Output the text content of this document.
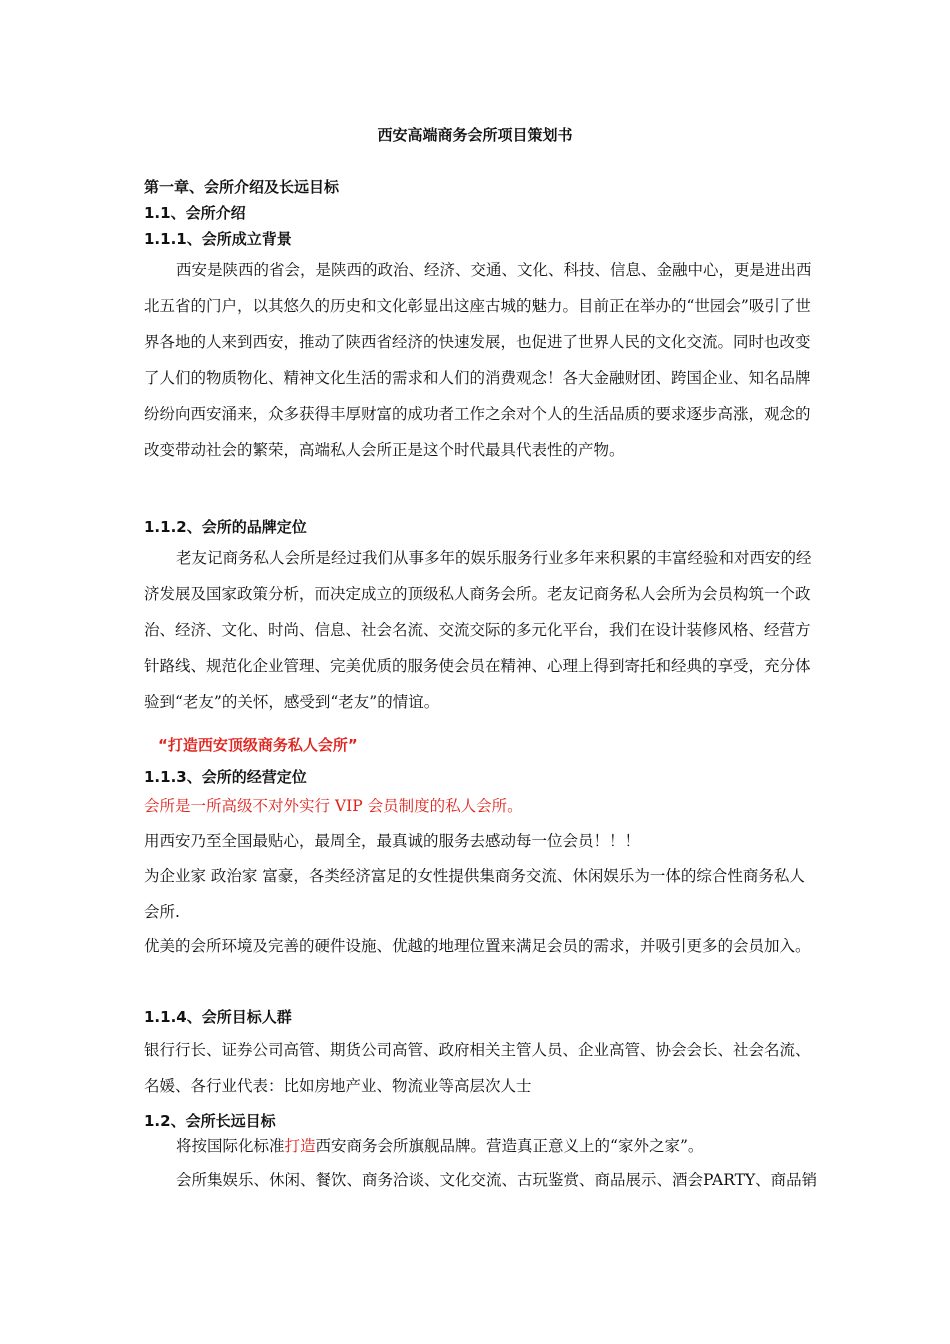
西安高端商务会所项目策划书
第一章、会所介绍及长远目标
1.1、会所介绍
1.1.1、会所成立背景
西安是陕西的省会，是陕西的政治、经济、交通、文化、科技、信息、金融中心，更是进出西北五省的门户，以其悠久的历史和文化彰显出这座古城的魅力。目前正在举办的“世园会”吸引了世界各地的人来到西安，推动了陕西省经济的快速发展，也促进了世界人民的文化交流。同时也改变了人们的物质物化、精神文化生活的需求和人们的消费观念！各大金融财团、跨国企业、知名品牌纷纷向西安涌来，众多获得丰厚财富的成功者工作之余对个人的生活品质的要求逐步高涨，观念的改变带动社会的繁荣，高端私人会所正是这个时代最具代表性的产物。
1.1.2、会所的品牌定位
老友记商务私人会所是经过我们从事多年的娱乐服务行业多年来积累的丰富经验和对西安的经济发展及国家政策分析，而决定成立的顶级私人商务会所。老友记商务私人会所为会员构筑一个政治、经济、文化、时尚、信息、社会名流、交流交际的多元化平台，我们在设计装修风格、经营方针路线、规范化企业管理、完美优质的服务使会员在精神、心理上得到寄托和经典的享受，充分体验到“老友”的关怀，感受到“老友”的情谊。
“打造西安顶级商务私人会所”
1.1.3、会所的经营定位
会所是一所高级不对外实行 VIP 会员制度的私人会所。
用西安乃至全国最贴心，最周全，最真诚的服务去感动每一位会员！！！
为企业家 政治家 富豪，各类经济富足的女性提供集商务交流、休闲娱乐为一体的综合性商务私人会所.
优美的会所环境及完善的硬件设施、优越的地理位置来满足会员的需求，并吸引更多的会员加入。
1.1.4、会所目标人群
银行行长、证券公司高管、期货公司高管、政府相关主管人员、企业高管、协会会长、社会名流、名媛、各行业代表：比如房地产业、物流业等高层次人士
1.2、会所长远目标
将按国际化标准打造西安商务会所旗舰品牌。营造真正意义上的“家外之家”。
会所集娱乐、休闲、餐饮、商务洽谈、文化交流、古玩鉴赏、商品展示、酒会PARTY、商品销
